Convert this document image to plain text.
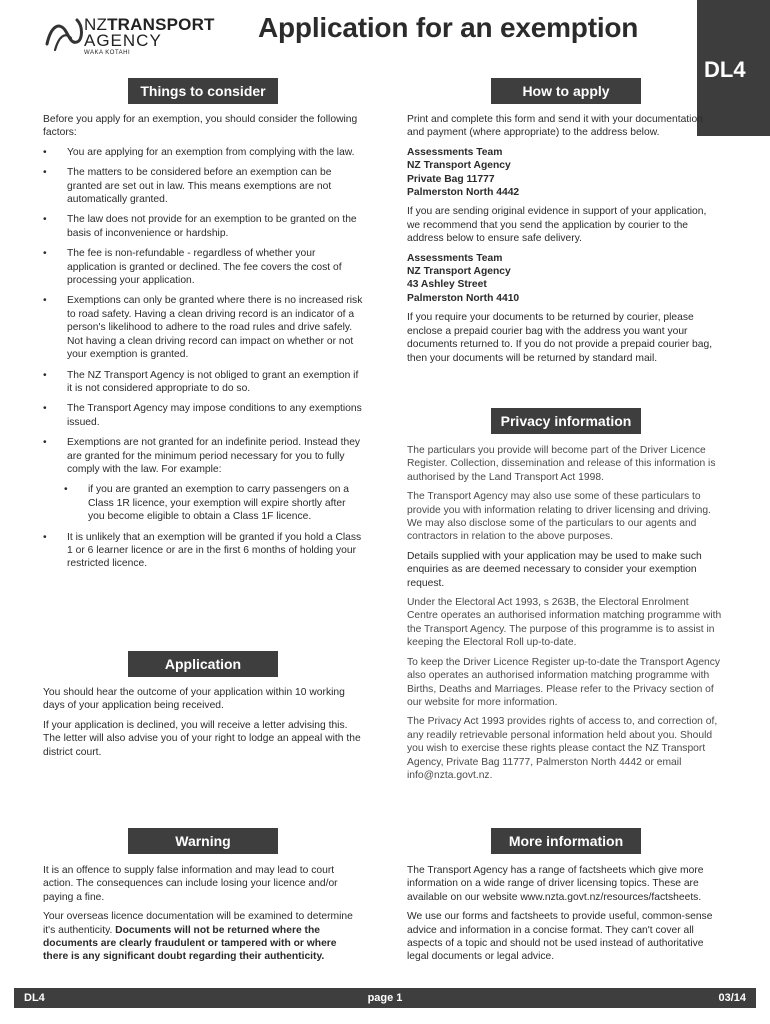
NZTRANSPORT
AGENCY
WAKA KOTAHI
Application for an exemption
DL4
Things to consider

Before you apply for an exemption, you should consider the following factors:

• You are applying for an exemption from complying with the law.
• The matters to be considered before an exemption can be granted are set out in law. This means exemptions are not automatically granted.
• The law does not provide for an exemption to be granted on the basis of inconvenience or hardship.
• The fee is non-refundable - regardless of whether your application is granted or declined. The fee covers the cost of processing your application.
• Exemptions can only be granted where there is no increased risk to road safety. Having a clean driving record is an indicator of a person's likelihood to adhere to the road rules and drive safely. Not having a clean driving record can impact on whether or not your exemption is granted.
• The NZ Transport Agency is not obliged to grant an exemption if it is not considered appropriate to do so.
• The Transport Agency may impose conditions to any exemptions issued.
• Exemptions are not granted for an indefinite period. Instead they are granted for the minimum period necessary for you to fully comply with the law. For example:
• if you are granted an exemption to carry passengers on a Class 1R licence, your exemption will expire shortly after you become eligible to obtain a Class 1F licence.
• It is unlikely that an exemption will be granted if you hold a Class 1 or 6 learner licence or are in the first 6 months of holding your restricted licence.
Application

You should hear the outcome of your application within 10 working days of your application being received.

If your application is declined, you will receive a letter advising this. The letter will also advise you of your right to lodge an appeal with the district court.

Warning

It is an offence to supply false information and may lead to court action. The consequences can include losing your licence and/or paying a fine.

Your overseas licence documentation will be examined to determine it's authenticity. Documents will not be returned where the documents are clearly fraudulent or tampered with or where there is any significant doubt regarding their authenticity.

How to apply

Print and complete this form and send it with your documentation and payment (where appropriate) to the address below.

Assessments Team
NZ Transport Agency
Private Bag 11777
Palmerston North 4442

If you are sending original evidence in support of your application, we recommend that you send the application by courier to the address below to ensure safe delivery.

Assessments Team
NZ Transport Agency
43 Ashley Street
Palmerston North 4410

If you require your documents to be returned by courier, please enclose a prepaid courier bag with the address you want your documents returned to. If you do not provide a prepaid courier bag, then your documents will be returned by standard mail.

Privacy information

The particulars you provide will become part of the Driver Licence Register. Collection, dissemination and release of this information is authorised by the Land Transport Act 1998.

The Transport Agency may also use some of these particulars to provide you with information relating to driver licensing and driving. We may also disclose some of the particulars to our agents and contractors in relation to the above purposes.

Details supplied with your application may be used to make such enquiries as are deemed necessary to consider your exemption request.

Under the Electoral Act 1993, s 263B, the Electoral Enrolment Centre operates an authorised information matching programme with the Transport Agency. The purpose of this programme is to assist in keeping the Electoral Roll up-to-date.

To keep the Driver Licence Register up-to-date the Transport Agency also operates an authorised information matching programme with Births, Deaths and Marriages. Please refer to the Privacy section of our website for more information.

The Privacy Act 1993 provides rights of access to, and correction of, any readily retrievable personal information held about you. Should you wish to exercise these rights please contact the NZ Transport Agency, Private Bag 11777, Palmerston North 4442 or email info@nzta.govt.nz.

More information

The Transport Agency has a range of factsheets which give more information on a wide range of driver licensing topics. These are available on our website www.nzta.govt.nz/resources/factsheets.

We use our forms and factsheets to provide useful, common-sense advice and information in a concise format. They can't cover all aspects of a topic and should not be used instead of authoritative legal documents or legal advice.

DL4	page 1	03/14
